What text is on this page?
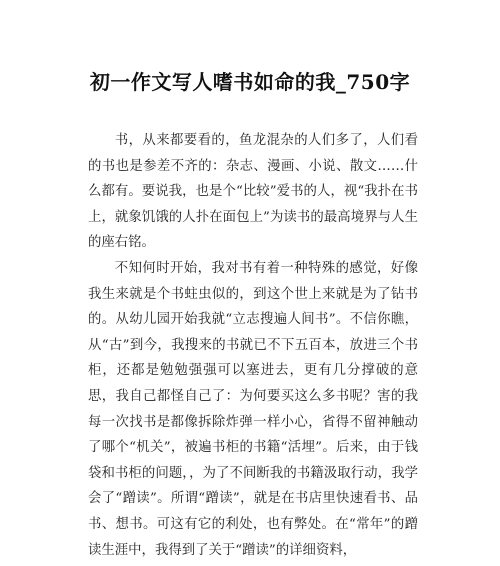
初一作文写人嗜书如命的我_750字

书，从来都要看的，鱼龙混杂的人们多了，人们看的书也是参差不齐的：杂志、漫画、小说、散文……什么都有。要说我，也是个“比较”爱书的人，视“我扑在书上，就象饥饿的人扑在面包上”为读书的最高境界与人生的座右铭。

不知何时开始，我对书有着一种特殊的感觉，好像我生来就是个书蛀虫似的，到这个世上来就是为了钻书的。从幼儿园开始我就“立志搜遍人间书”。不信你瞧，从“古”到今，我搜来的书就已不下五百本，放进三个书柜，还都是勉勉强强可以塞进去，更有几分撑破的意思，我自己都怪自己了：为何要买这么多书呢？害的我每一次找书是都像拆除炸弹一样小心，省得不留神触动了哪个“机关”，被遍书柜的书籍“活埋”。后来，由于钱袋和书柜的问题，，为了不间断我的书籍汲取行动，我学会了“蹭读”。所谓“蹭读”，就是在书店里快速看书、品书、想书。可这有它的利处，也有弊处。在“常年”的蹭读生涯中，我得到了关于“蹭读”的详细资料，
